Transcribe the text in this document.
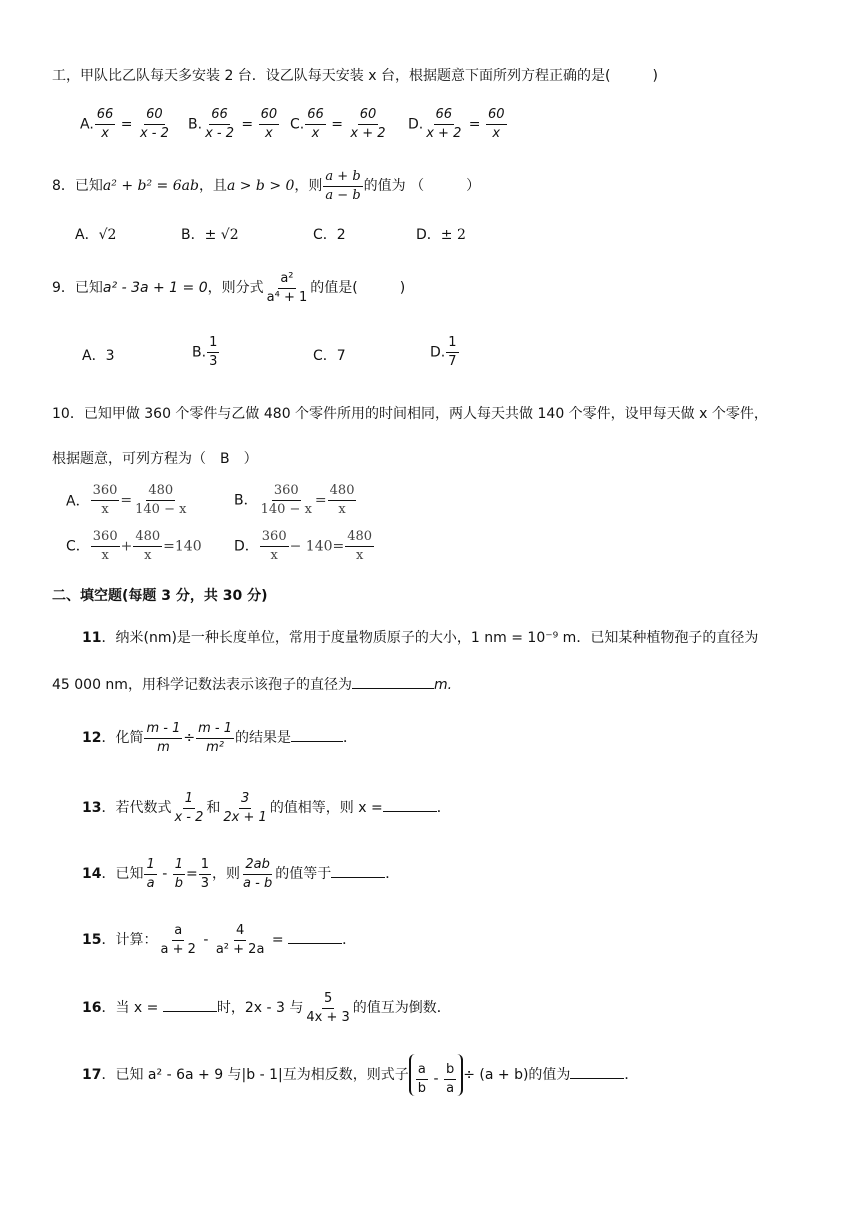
工，甲队比乙队每天多安装 2 台．设乙队每天安装 x 台，根据题意下面所列方程正确的是(　　　)
A. $\frac{66}{x} = \frac{60}{x - 2} B$. $\frac{66}{x - 2} = \frac{60}{x} C$. $\frac{66}{x} = \frac{60}{x + 2} D$. $\frac{66}{x + 2} = \frac{60}{x}$
8．已知a² + b² = 6ab，且a > b > 0，则 $\frac{a + b}{a - b}$ 的值为 （　　　）
A．√2	B．± √2	C．2	D．± 2
9．已知a² - 3a + 1 = 0，则分式 $\frac{\text{a²}}{\text{a⁴ + 1}}$ 的值是(　　　)
A．3	B. $\frac{1}{3}$	C．7	D. $\frac{1}{7}$
10．已知甲做 360 个零件与乙做 480 个零件所用的时间相同，两人每天共做 140 个零件，设甲每天做 x 个零件，
根据题意，可列方程为（　B　）
A． $\frac{360}{x} = \frac{480}{140 - x}$	B． $\frac{360}{140 - x} = \frac{480}{x}$
C． $\frac{360}{x} + \frac{480}{x} =140$ D． $\frac{360}{x} - 140= \frac{480}{x}$
二、填空题(每题 3 分，共 30 分)
11．纳米(nm)是一种长度单位，常用于度量物质原子的大小，1 nm = 10⁻⁹ m．已知某种植物孢子的直径为
45 000 nm，用科学记数法表示该孢子的直径为	m.
12．化简 $\frac{m - 1}{m} \div \frac{m - 1}{\text{m²}}$ 的结果是	．
13．若代数式 $\frac{1}{x - 2}$ 和 $\frac{3}{2x + 1}$ 的值相等，则 x =	．
14．已知 $\frac{1}{a} - \frac{1}{b} = \frac{1}{3}$ ，则 $\frac{2ab}{a - b}$ 的值等于	．
15．计算： $\frac{a}{a + 2} - \frac{4}{\text{a² + 2a}}$ =	．
16．当 x =	时，2x - 3 与 $\frac{5}{4x + 3}$ 的值互为倒数．
17．已知 a² - 6a + 9 与|b - 1|互为相反数，则式子 $\frac{a}{b} - \frac{b}{a} \div (a + b)$的值为	．
